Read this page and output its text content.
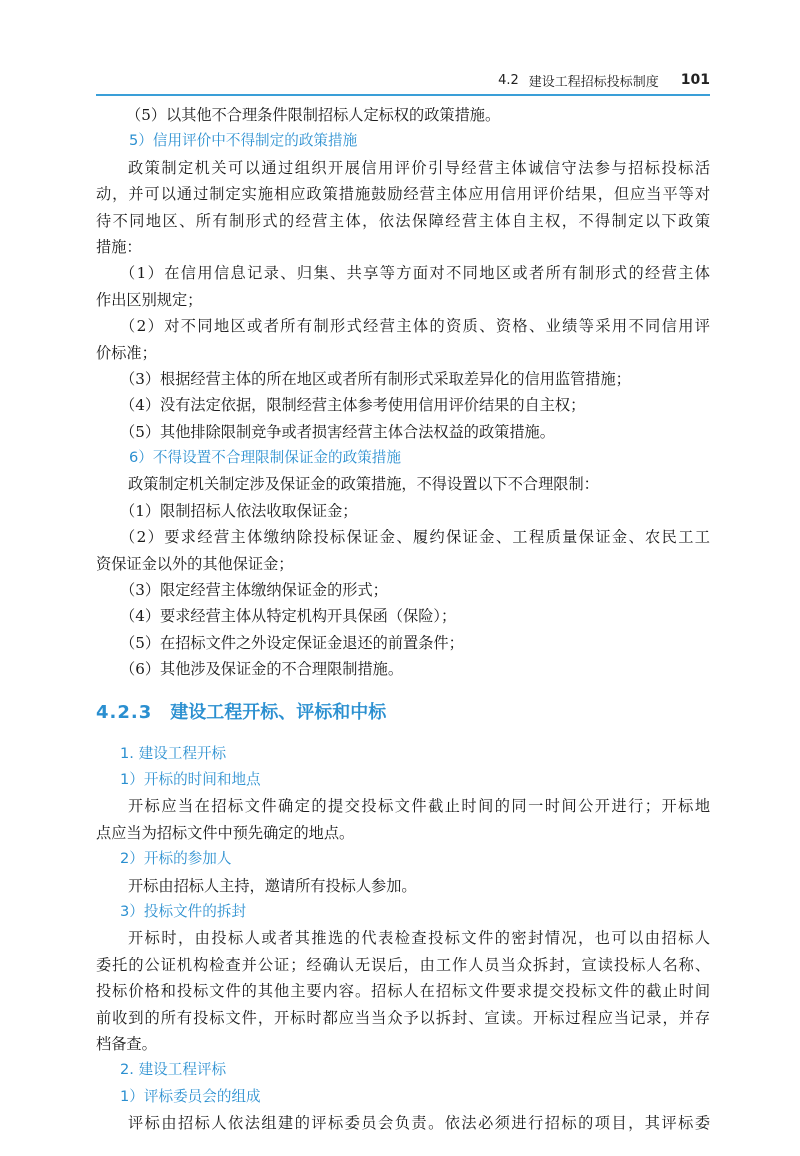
4.2 建设工程招标投标制度 101
（5）以其他不合理条件限制招标人定标权的政策措施。
5）信用评价中不得制定的政策措施
政策制定机关可以通过组织开展信用评价引导经营主体诚信守法参与招标投标活
动，并可以通过制定实施相应政策措施鼓励经营主体应用信用评价结果，但应当平等对
待不同地区、所有制形式的经营主体，依法保障经营主体自主权，不得制定以下政策
措施：
（1）在信用信息记录、归集、共享等方面对不同地区或者所有制形式的经营主体
作出区别规定；
（2）对不同地区或者所有制形式经营主体的资质、资格、业绩等采用不同信用评
价标准；
（3）根据经营主体的所在地区或者所有制形式采取差异化的信用监管措施；
（4）没有法定依据，限制经营主体参考使用信用评价结果的自主权；
（5）其他排除限制竞争或者损害经营主体合法权益的政策措施。
6）不得设置不合理限制保证金的政策措施
政策制定机关制定涉及保证金的政策措施，不得设置以下不合理限制：
（1）限制招标人依法收取保证金；
（2）要求经营主体缴纳除投标保证金、履约保证金、工程质量保证金、农民工工
资保证金以外的其他保证金；
（3）限定经营主体缴纳保证金的形式；
（4）要求经营主体从特定机构开具保函（保险）；
（5）在招标文件之外设定保证金退还的前置条件；
（6）其他涉及保证金的不合理限制措施。
4.2.3 建设工程开标、评标和中标
1. 建设工程开标
1）开标的时间和地点
开标应当在招标文件确定的提交投标文件截止时间的同一时间公开进行；开标地
点应当为招标文件中预先确定的地点。
2）开标的参加人
开标由招标人主持，邀请所有投标人参加。
3）投标文件的拆封
开标时，由投标人或者其推选的代表检查投标文件的密封情况，也可以由招标人
委托的公证机构检查并公证；经确认无误后，由工作人员当众拆封，宣读投标人名称、
投标价格和投标文件的其他主要内容。招标人在招标文件要求提交投标文件的截止时间
前收到的所有投标文件，开标时都应当当众予以拆封、宣读。开标过程应当记录，并存
档备查。
2. 建设工程评标
1）评标委员会的组成
评标由招标人依法组建的评标委员会负责。依法必须进行招标的项目，其评标委
